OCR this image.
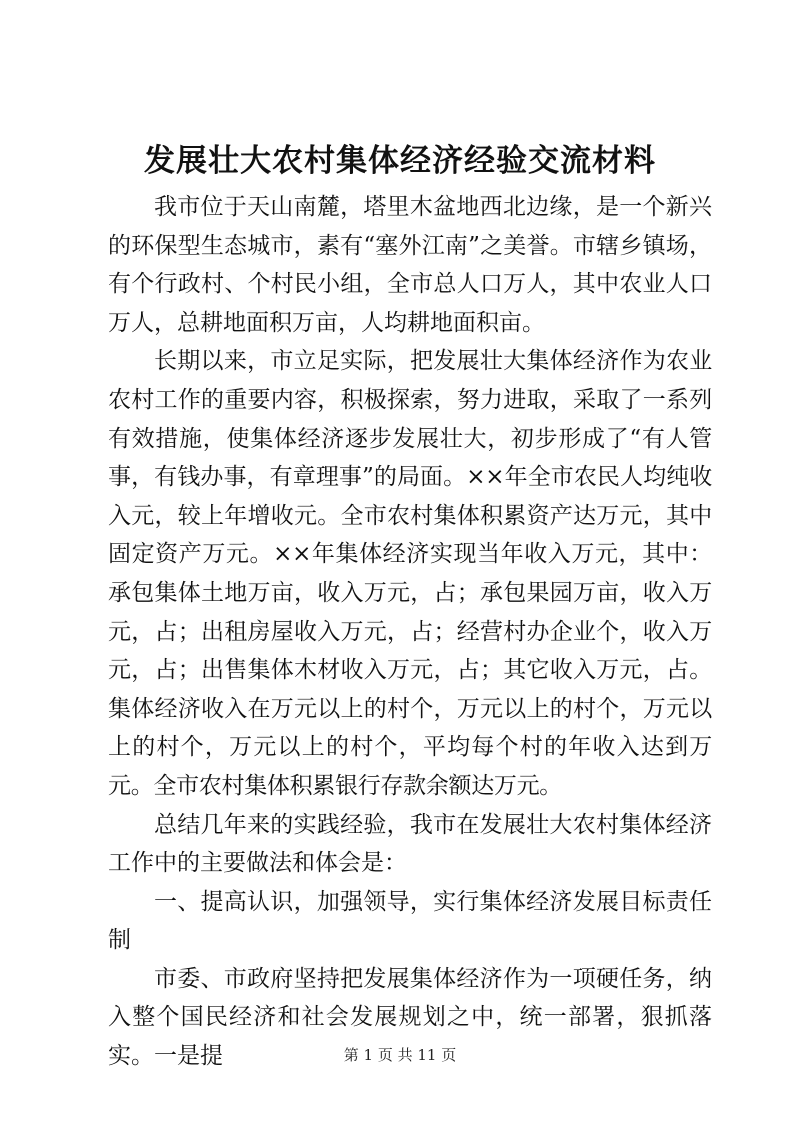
发展壮大农村集体经济经验交流材料

我市位于天山南麓，塔里木盆地西北边缘，是一个新兴的环保型生态城市，素有“塞外江南”之美誉。市辖乡镇场，有个行政村、个村民小组，全市总人口万人，其中农业人口万人，总耕地面积万亩，人均耕地面积亩。

长期以来，市立足实际，把发展壮大集体经济作为农业农村工作的重要内容，积极探索，努力进取，采取了一系列有效措施，使集体经济逐步发展壮大，初步形成了“有人管事，有钱办事，有章理事”的局面。××年全市农民人均纯收入元，较上年增收元。全市农村集体积累资产达万元，其中固定资产万元。××年集体经济实现当年收入万元，其中：承包集体土地万亩，收入万元，占；承包果园万亩，收入万元，占；出租房屋收入万元，占；经营村办企业个，收入万元，占；出售集体木材收入万元，占；其它收入万元，占。集体经济收入在万元以上的村个，万元以上的村个，万元以上的村个，万元以上的村个，平均每个村的年收入达到万元。全市农村集体积累银行存款余额达万元。

总结几年来的实践经验，我市在发展壮大农村集体经济工作中的主要做法和体会是：

一、提高认识，加强领导，实行集体经济发展目标责任制

市委、市政府坚持把发展集体经济作为一项硬任务，纳入整个国民经济和社会发展规划之中，统一部署，狠抓落实。一是提	第 1 页 共 11 页
